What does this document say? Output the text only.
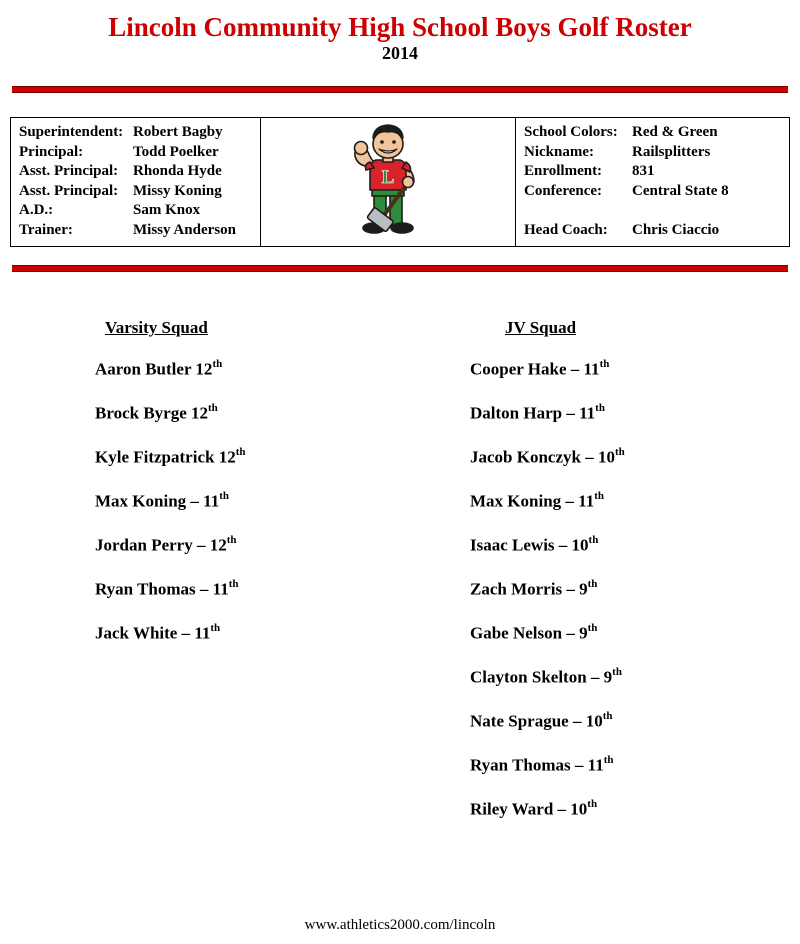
Lincoln Community High School Boys Golf Roster
2014
Superintendent: Robert Bagby
Principal:	Todd Poelker
Asst. Principal: Rhonda Hyde
Asst. Principal: Missy Koning
A.D.:	Sam Knox
Trainer:	Missy Anderson
L
School Colors: Red & Green
Nickname:	Railsplitters
Enrollment:	831
Conference:	Central State 8
Head Coach:	Chris Ciaccio
Varsity Squad
Aaron Butler 12th
Brock Byrge 12th
Kyle Fitzpatrick 12th
Max Koning – 11th
Jordan Perry – 12th
Ryan Thomas – 11th
Jack White – 11th
JV Squad
Cooper Hake – 11th
Dalton Harp – 11th
Jacob Konczyk – 10th
Max Koning – 11th
Isaac Lewis – 10th
Zach Morris – 9th
Gabe Nelson – 9th
Clayton Skelton – 9th
Nate Sprague – 10th
Ryan Thomas – 11th
Riley Ward – 10th
www.athletics2000.com/lincoln
